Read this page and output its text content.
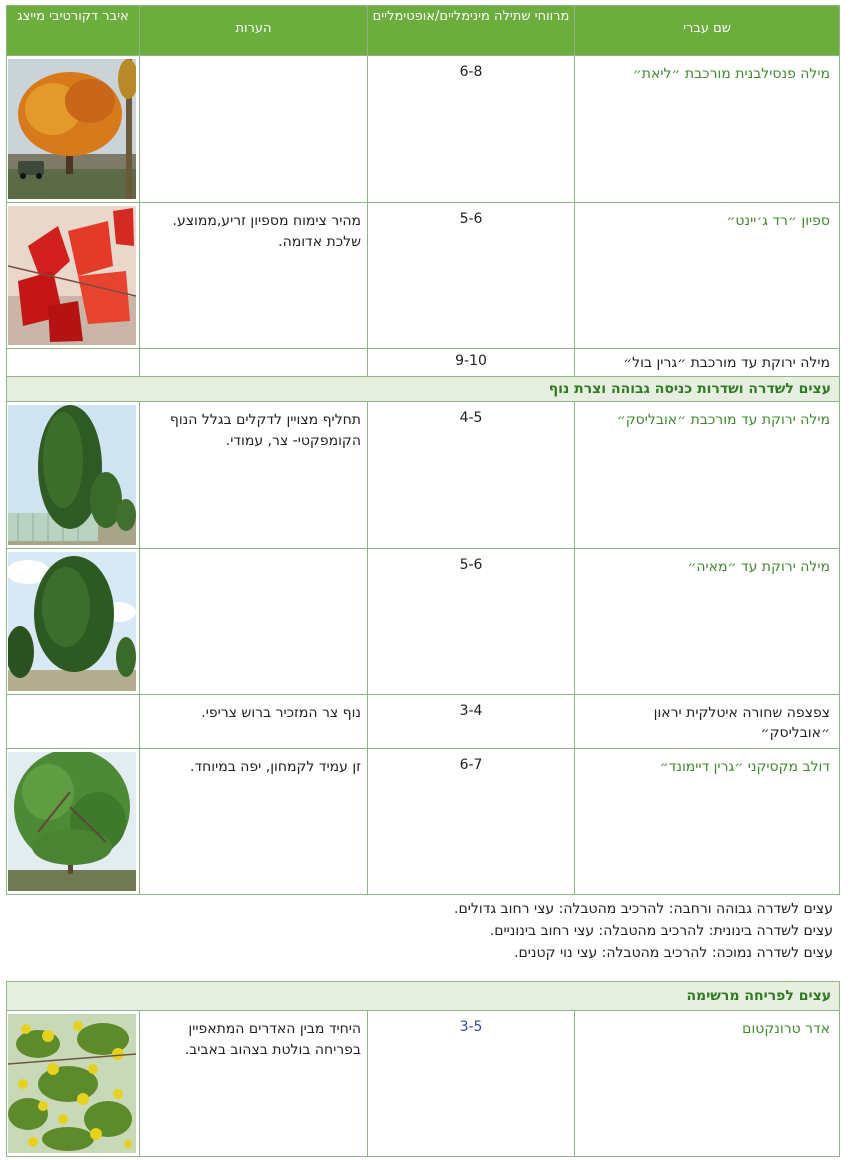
שם עברי	מרווחי שתילה מינימליים/אופטימליים	הערות	איבר דקורטיבי מייצג
מילה פנסילבנית מורכבת ״ליאת״	6-8		

ספיון ״רד ג׳יינט״	5-6	מהיר צימוח מספיון זריע,ממוצע. שלכת אדומה.	

מילה ירוקת עד מורכבת ״גרין בול״	9-10		
עצים לשדרה ושדרות כניסה גבוהה וצרת נוף			
מילה ירוקת עד מורכבת ״אובליסק״	4-5	תחליף מצויין לדקלים בגלל הנוף הקומפקטי- צר, עמודי.	

מילה ירוקת עד ״מאיה״	5-6		

צפצפה שחורה איטלקית יראון ״אובליסק״	3-4	נוף צר המזכיר ברוש צריפי.	
דולב מקסיקני ״גרין דיימונד״	6-7	זן עמיד לקמחון, יפה במיוחד.	
עצים לשדרה גבוהה ורחבה: להרכיב מהטבלה: עצי רחוב גדולים.
עצים לשדרה בינונית: להרכיב מהטבלה: עצי רחוב בינוניים.
עצים לשדרה נמוכה: להרכיב מהטבלה: עצי נוי קטנים.
עצים לפריחה מרשימה
אדר טרונקטום	3-5	היחיד מבין האדרים המתאפיין בפריחה בולטת בצהוב באביב.	
